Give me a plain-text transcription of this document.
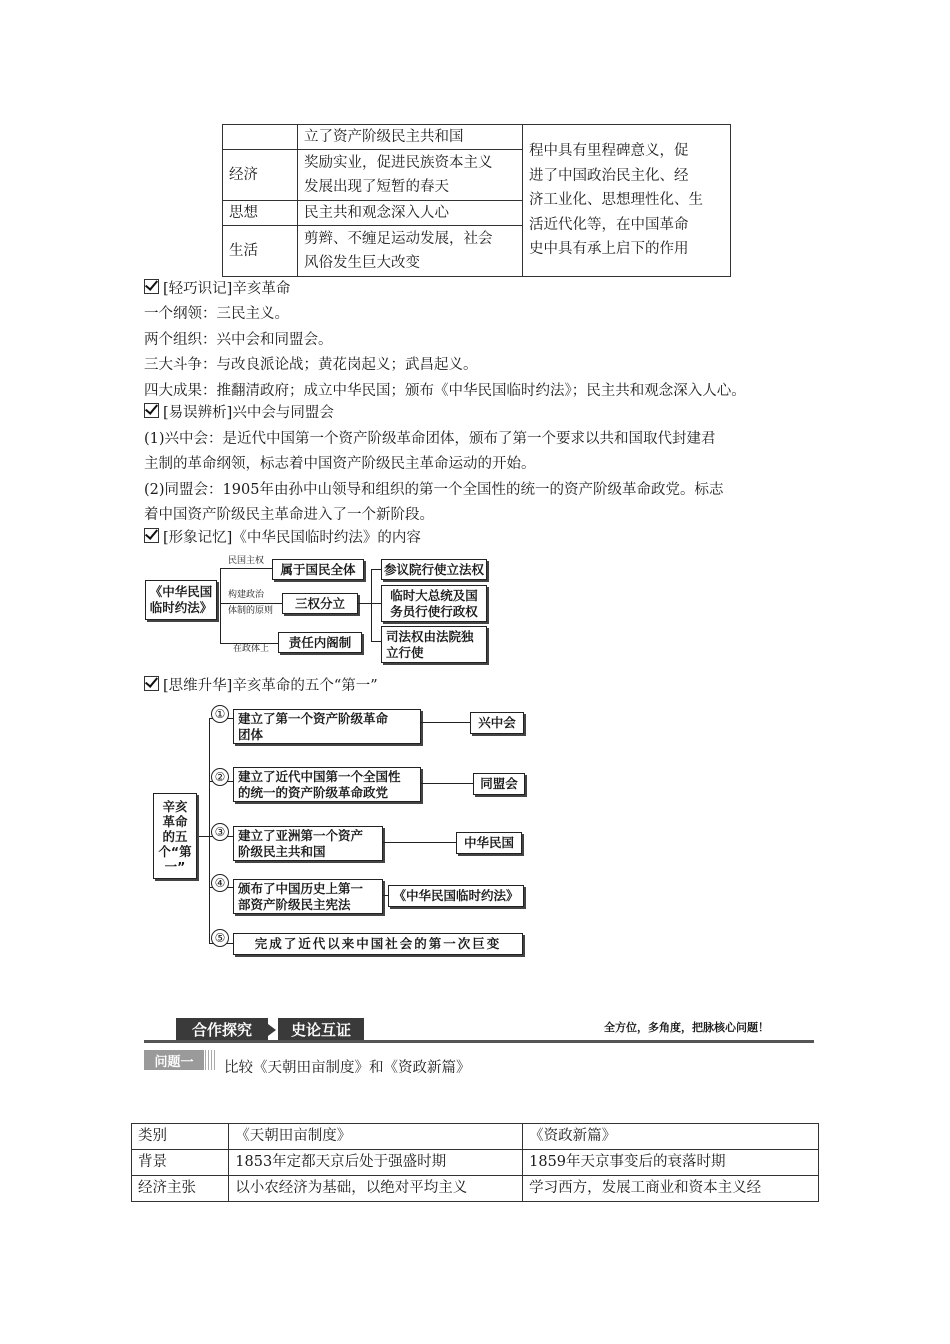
	立了资产阶级民主共和国	程中具有里程碑意义，促
进了中国政治民主化、经
济工业化、思想理性化、生
活近代化等，在中国革命
史中具有承上启下的作用

经济	奖励实业，促进民族资本主义
发展出现了短暂的春天	

思想	民主共和观念深入人心	
生活	剪辫、不缠足运动发展，社会
风俗发生巨大改变	
[轻巧识记]辛亥革命
一个纲领：三民主义。
两个组织：兴中会和同盟会。
三大斗争：与改良派论战；黄花岗起义；武昌起义。
四大成果：推翻清政府；成立中华民国；颁布《中华民国临时约法》；民主共和观念深入人心。
[易误辨析]兴中会与同盟会
(1)兴中会：是近代中国第一个资产阶级革命团体，颁布了第一个要求以共和国取代封建君
主制的革命纲领，标志着中国资产阶级民主革命运动的开始。
(2)同盟会：1905年由孙中山领导和组织的第一个全国性的统一的资产阶级革命政党。标志
着中国资产阶级民主革命进入了一个新阶段。
[形象记忆]《中华民国临时约法》的内容
《中华民国
临时约法》
民国主权
构建政治
体制的原则
在政体上
属于国民全体
三权分立
责任内阁制
参议院行使立法权
临时大总统及国
务员行使行政权
司法权由法院独
立行使
[思维升华]辛亥革命的五个“第一”
辛亥
革命
的五
个“第
一”
① 建立了第一个资产阶级革命
团体
兴中会
② 建立了近代中国第一个全国性
的统一的资产阶级革命政党
同盟会
③ 建立了亚洲第一个资产
阶级民主共和国
中华民国
④ 颁布了中国历史上第一
部资产阶级民主宪法
《中华民国临时约法》
⑤	完成了近代以来中国社会的第一次巨变
合作探究	史论互证	全方位，多角度，把脉核心问题！
问题一	比较《天朝田亩制度》和《资政新篇》
类别	《天朝田亩制度》	《资政新篇》
背景	1853年定都天京后处于强盛时期	1859年天京事变后的衰落时期
经济主张	以小农经济为基础，以绝对平均主义	学习西方，发展工商业和资本主义经
